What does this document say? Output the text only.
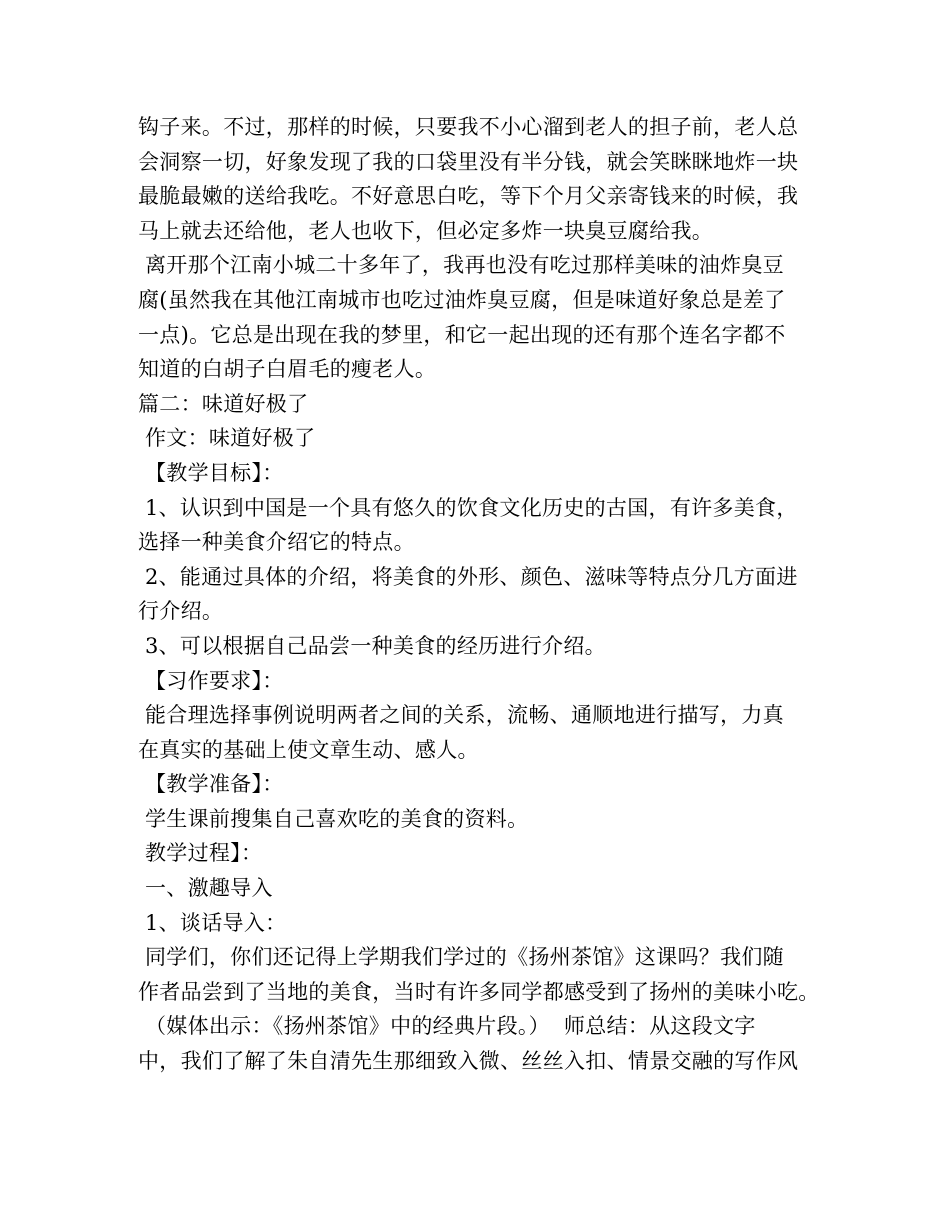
钩子来。不过，那样的时候，只要我不小心溜到老人的担子前，老人总
会洞察一切，好象发现了我的口袋里没有半分钱，就会笑眯眯地炸一块
最脆最嫩的送给我吃。不好意思白吃，等下个月父亲寄钱来的时候，我
马上就去还给他，老人也收下，但必定多炸一块臭豆腐给我。
离开那个江南小城二十多年了，我再也没有吃过那样美味的油炸臭豆
腐(虽然我在其他江南城市也吃过油炸臭豆腐，但是味道好象总是差了
一点)。它总是出现在我的梦里，和它一起出现的还有那个连名字都不
知道的白胡子白眉毛的瘦老人。
篇二：味道好极了
作文：味道好极了
【教学目标】：
1、认识到中国是一个具有悠久的饮食文化历史的古国，有许多美食，
选择一种美食介绍它的特点。
2、能通过具体的介绍，将美食的外形、颜色、滋味等特点分几方面进
行介绍。
3、可以根据自己品尝一种美食的经历进行介绍。
【习作要求】：
能合理选择事例说明两者之间的关系，流畅、通顺地进行描写，力真
在真实的基础上使文章生动、感人。
【教学准备】：
学生课前搜集自己喜欢吃的美食的资料。
教学过程】：
一、激趣导入
1、谈话导入：
同学们，你们还记得上学期我们学过的《扬州茶馆》这课吗？我们随
作者品尝到了当地的美食，当时有许多同学都感受到了扬州的美味小吃。
（媒体出示：《扬州茶馆》中的经典片段。）  师总结：从这段文字
中，我们了解了朱自清先生那细致入微、丝丝入扣、情景交融的写作风
